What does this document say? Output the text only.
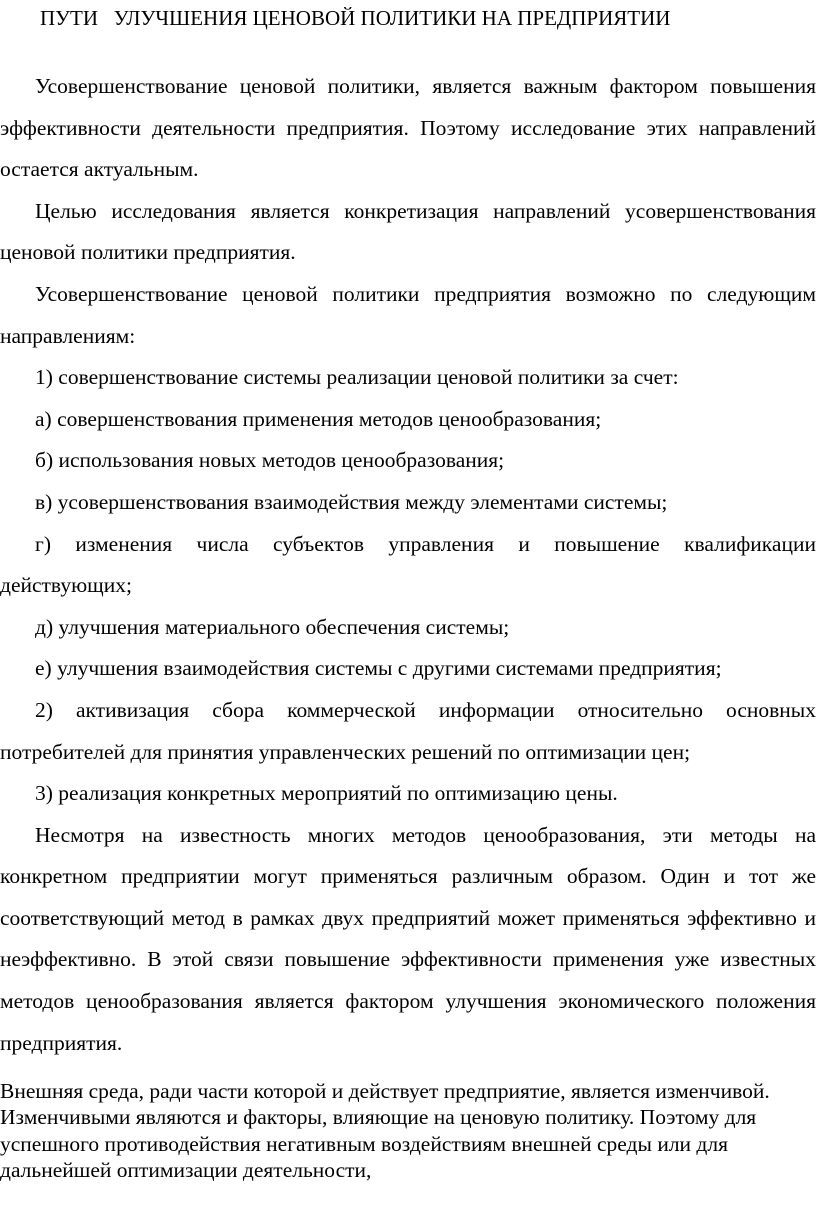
ПУТИ   УЛУЧШЕНИЯ ЦЕНОВОЙ ПОЛИТИКИ НА ПРЕДПРИЯТИИ

Усовершенствование ценовой политики, является важным фактором повышения эффективности деятельности предприятия. Поэтому исследование этих направлений остается актуальным.

Целью исследования является конкретизация направлений усовершенствования ценовой политики предприятия.

Усовершенствование ценовой политики предприятия возможно по следующим направлениям:

1) совершенствование системы реализации ценовой политики за счет:

а) совершенствования применения методов ценообразования;

б) использования новых методов ценообразования;

в) усовершенствования взаимодействия между элементами системы;

г) изменения числа субъектов управления и повышение квалификации действующих;

д) улучшения материального обеспечения системы;

е) улучшения взаимодействия системы с другими системами предприятия;

2) активизация сбора коммерческой информации относительно основных потребителей для принятия управленческих решений по оптимизации цен;

3) реализация конкретных мероприятий по оптимизацию цены.

Несмотря на известность многих методов ценообразования, эти методы на конкретном предприятии могут применяться различным образом. Один и тот же соответствующий метод в рамках двух предприятий может применяться эффективно и неэффективно. В этой связи повышение эффективности применения уже известных методов ценообразования является фактором улучшения экономического положения предприятия.

Внешняя среда, ради части которой и действует предприятие, является изменчивой. Изменчивыми являются и факторы, влияющие на ценовую политику. Поэтому для успешного противодействия негативным воздействиям внешней среды или для дальнейшей оптимизации деятельности,
